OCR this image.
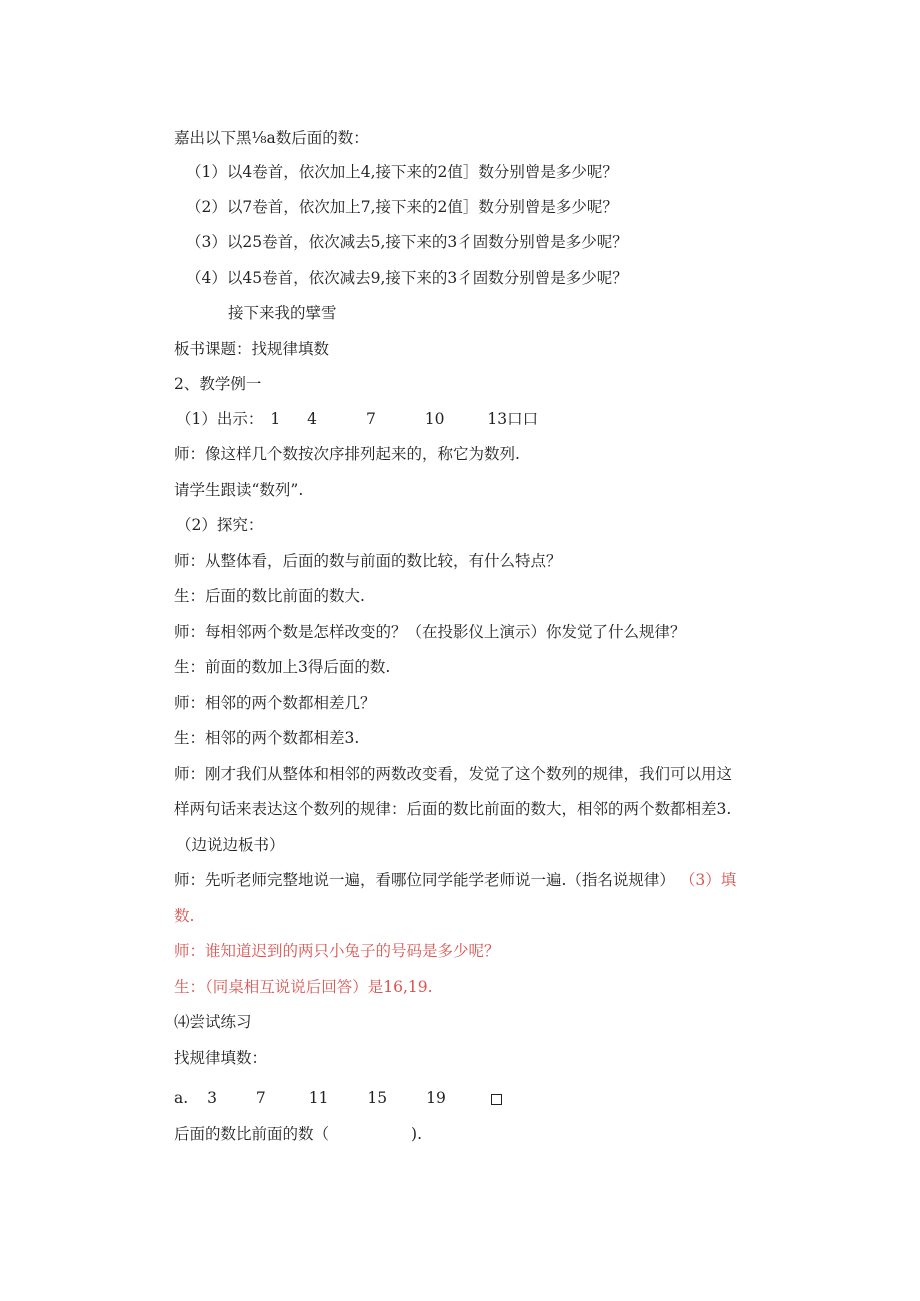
嘉出以下黑⅛a数后面的数：
（1）以4卷首，依次加上4,接下来的2值］数分别曾是多少呢？
（2）以7卷首，依次加上7,接下来的2值］数分别曾是多少呢？
（3）以25卷首，依次减去5,接下来的3彳固数分别曾是多少呢？
（4）以45卷首，依次减去9,接下来的3彳固数分别曾是多少呢？
接下来我的擘雪
板书课题：找规律填数
2、教学例一
（1）出示： 1 4	7	10	13口口
师：像这样几个数按次序排列起来的，称它为数列.
请学生跟读“数列”.
（2）探究：
师：从整体看，后面的数与前面的数比较，有什么特点？
生：后面的数比前面的数大.
师：每相邻两个数是怎样改变的？（在投影仪上演示）你发觉了什么规律？
生：前面的数加上3得后面的数.
师：相邻的两个数都相差几？
生：相邻的两个数都相差3.
师：刚才我们从整体和相邻的两数改变看，发觉了这个数列的规律，我们可以用这
样两句话来表达这个数列的规律：后面的数比前面的数大，相邻的两个数都相差3.
（边说边板书）
师：先听老师完整地说一遍，看哪位同学能学老师说一遍.（指名说规律） （3）填
数.
师：谁知道迟到的两只小兔子的号码是多少呢？
生：（同桌相互说说后回答）是16,19.
⑷尝试练习
找规律填数：
a. 3	7	11	15	19
后面的数比前面的数（	).
